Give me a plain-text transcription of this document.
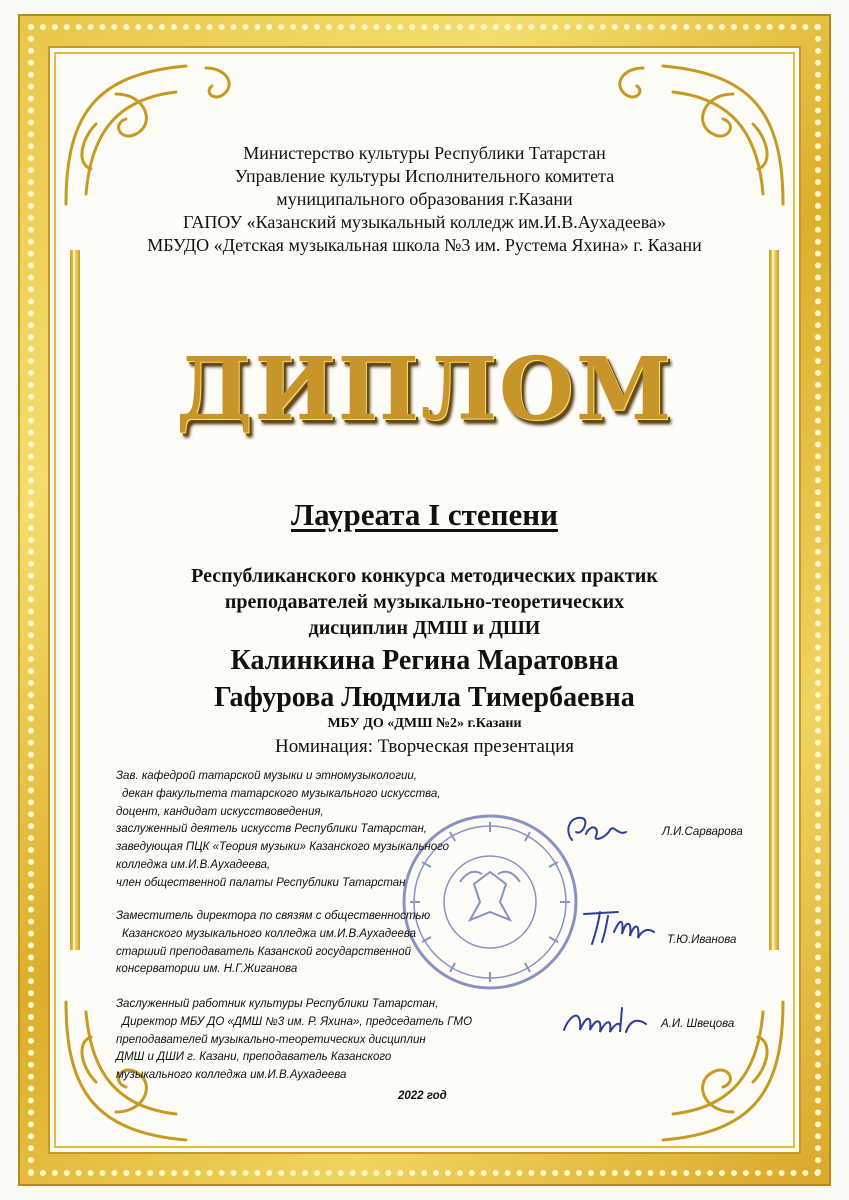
Министерство культуры Республики Татарстан
Управление культуры Исполнительного комитета
муниципального образования г.Казани
ГАПОУ «Казанский музыкальный колледж им.И.В.Аухадеева»
МБУДО «Детская музыкальная школа №3 им. Рустема Яхина» г. Казани
ДИПЛОМ
Лауреата I степени
Республиканского конкурса методических практик
преподавателей музыкально-теоретических
дисциплин ДМШ и ДШИ
Калинкина Регина Маратовна
Гафурова Людмила Тимербаевна
МБУ ДО «ДМШ №2» г.Казани
Номинация: Творческая презентация
Зав. кафедрой татарской музыки и этномузыкологии,
декан факультета татарского музыкального искусства,
доцент, кандидат искусствоведения,
заслуженный деятель искусств Республики Татарстан,
заведующая ПЦК «Теория музыки» Казанского музыкального
колледжа им.И.В.Аухадеева,
член общественной палаты Республики Татарстан
Л.И.Сарварова
Заместитель директора по связям с общественностью
Казанского музыкального колледжа им.И.В.Аухадеева
старший преподаватель Казанской государственной
консерватории им. Н.Г.Жиганова
Т.Ю.Иванова
Заслуженный работник культуры Республики Татарстан,
Директор МБУ ДО «ДМШ №3 им. Р. Яхина», председатель ГМО
преподавателей музыкально-теоретических дисциплин
ДМШ и ДШИ г. Казани, преподаватель Казанского
музыкального колледжа им.И.В.Аухадеева
А.И. Швецова
2022 год
